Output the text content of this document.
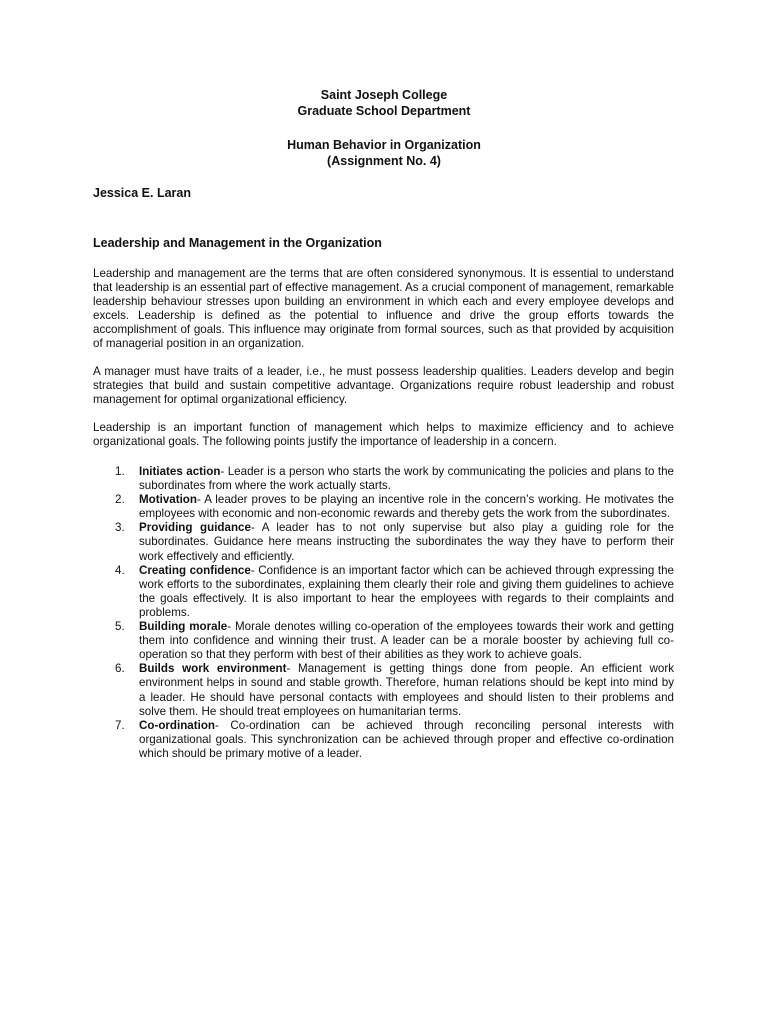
Saint Joseph College
Graduate School Department
Human Behavior in Organization
(Assignment No. 4)
Jessica E. Laran
Leadership and Management in the Organization

Leadership and management are the terms that are often considered synonymous. It is essential to understand that leadership is an essential part of effective management. As a crucial component of management, remarkable leadership behaviour stresses upon building an environment in which each and every employee develops and excels. Leadership is defined as the potential to influence and drive the group efforts towards the accomplishment of goals. This influence may originate from formal sources, such as that provided by acquisition of managerial position in an organization.

A manager must have traits of a leader, i.e., he must possess leadership qualities. Leaders develop and begin strategies that build and sustain competitive advantage. Organizations require robust leadership and robust management for optimal organizational efficiency.

Leadership is an important function of management which helps to maximize efficiency and to achieve organizational goals. The following points justify the importance of leadership in a concern.

1. Initiates action- Leader is a person who starts the work by communicating the policies and plans to the subordinates from where the work actually starts.
2. Motivation- A leader proves to be playing an incentive role in the concern’s working. He motivates the employees with economic and non-economic rewards and thereby gets the work from the subordinates.
3. Providing guidance- A leader has to not only supervise but also play a guiding role for the subordinates. Guidance here means instructing the subordinates the way they have to perform their work effectively and efficiently.
4. Creating confidence- Confidence is an important factor which can be achieved through expressing the work efforts to the subordinates, explaining them clearly their role and giving them guidelines to achieve the goals effectively. It is also important to hear the employees with regards to their complaints and problems.
5. Building morale- Morale denotes willing co-operation of the employees towards their work and getting them into confidence and winning their trust. A leader can be a morale booster by achieving full co-operation so that they perform with best of their abilities as they work to achieve goals.
6. Builds work environment- Management is getting things done from people. An efficient work environment helps in sound and stable growth. Therefore, human relations should be kept into mind by a leader. He should have personal contacts with employees and should listen to their problems and solve them. He should treat employees on humanitarian terms.
7. Co-ordination- Co-ordination can be achieved through reconciling personal interests with organizational goals. This synchronization can be achieved through proper and effective co-ordination which should be primary motive of a leader.
